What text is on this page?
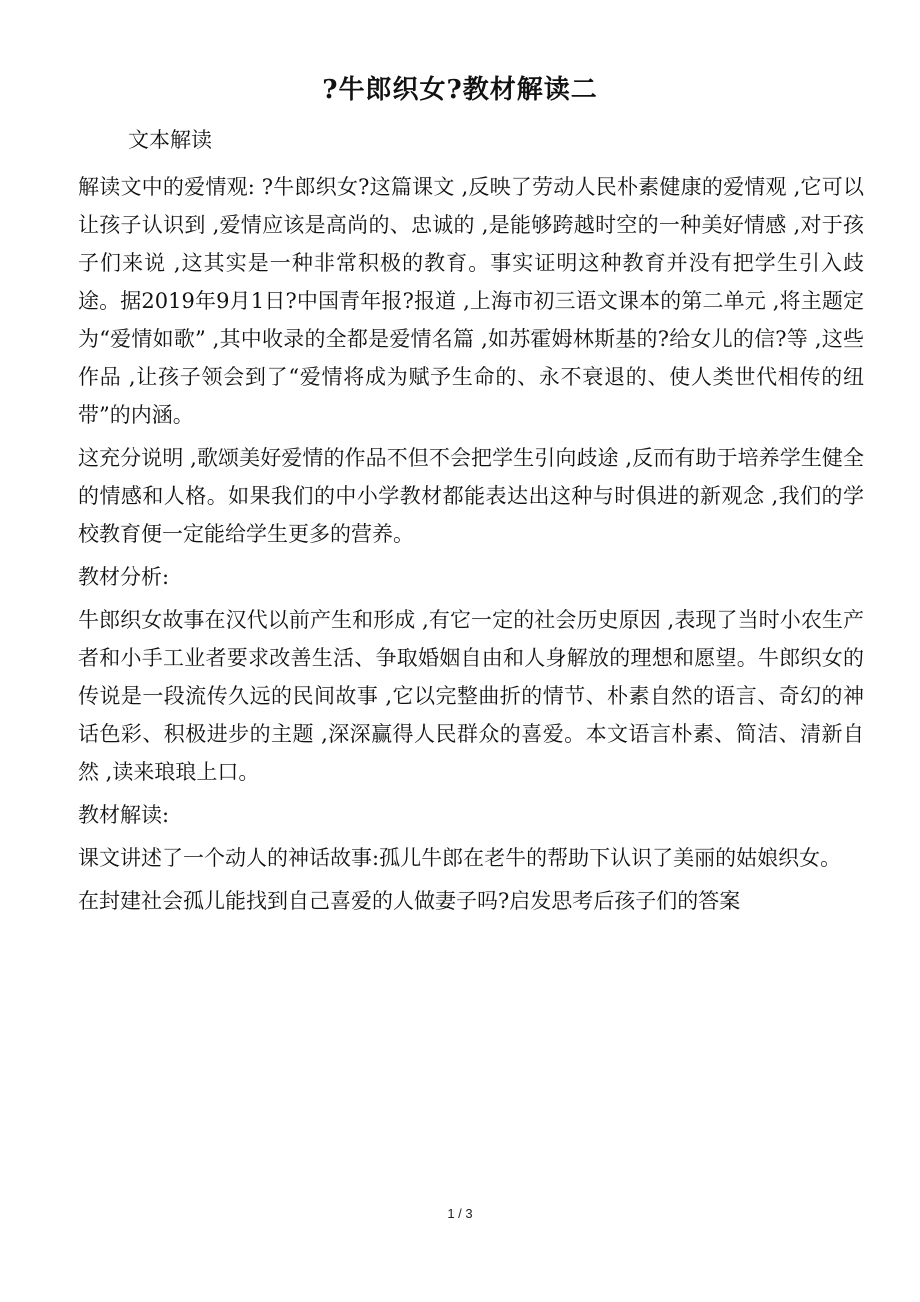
?牛郎织女?教材解读二
文本解读

解读文中的爱情观: ?牛郎织女?这篇课文 ,反映了劳动人民朴素健康的爱情观 ,它可以让孩子认识到 ,爱情应该是高尚的、忠诚的 ,是能够跨越时空的一种美好情感 ,对于孩子们来说 ,这其实是一种非常积极的教育。事实证明这种教育并没有把学生引入歧途。据2019年9月1日?中国青年报?报道 ,上海市初三语文课本的第二单元 ,将主题定为“爱情如歌” ,其中收录的全都是爱情名篇 ,如苏霍姆林斯基的?给女儿的信?等 ,这些作品 ,让孩子领会到了“爱情将成为赋予生命的、永不衰退的、使人类世代相传的纽带”的内涵。

这充分说明 ,歌颂美好爱情的作品不但不会把学生引向歧途 ,反而有助于培养学生健全的情感和人格。如果我们的中小学教材都能表达出这种与时俱进的新观念 ,我们的学校教育便一定能给学生更多的营养。

教材分析:

牛郎织女故事在汉代以前产生和形成 ,有它一定的社会历史原因 ,表现了当时小农生产者和小手工业者要求改善生活、争取婚姻自由和人身解放的理想和愿望。牛郎织女的传说是一段流传久远的民间故事 ,它以完整曲折的情节、朴素自然的语言、奇幻的神话色彩、积极进步的主题 ,深深赢得人民群众的喜爱。本文语言朴素、简洁、清新自然 ,读来琅琅上口。

教材解读:

课文讲述了一个动人的神话故事:孤儿牛郎在老牛的帮助下认识了美丽的姑娘织女。

在封建社会孤儿能找到自己喜爱的人做妻子吗?启发思考后孩子们的答案

1 / 3
